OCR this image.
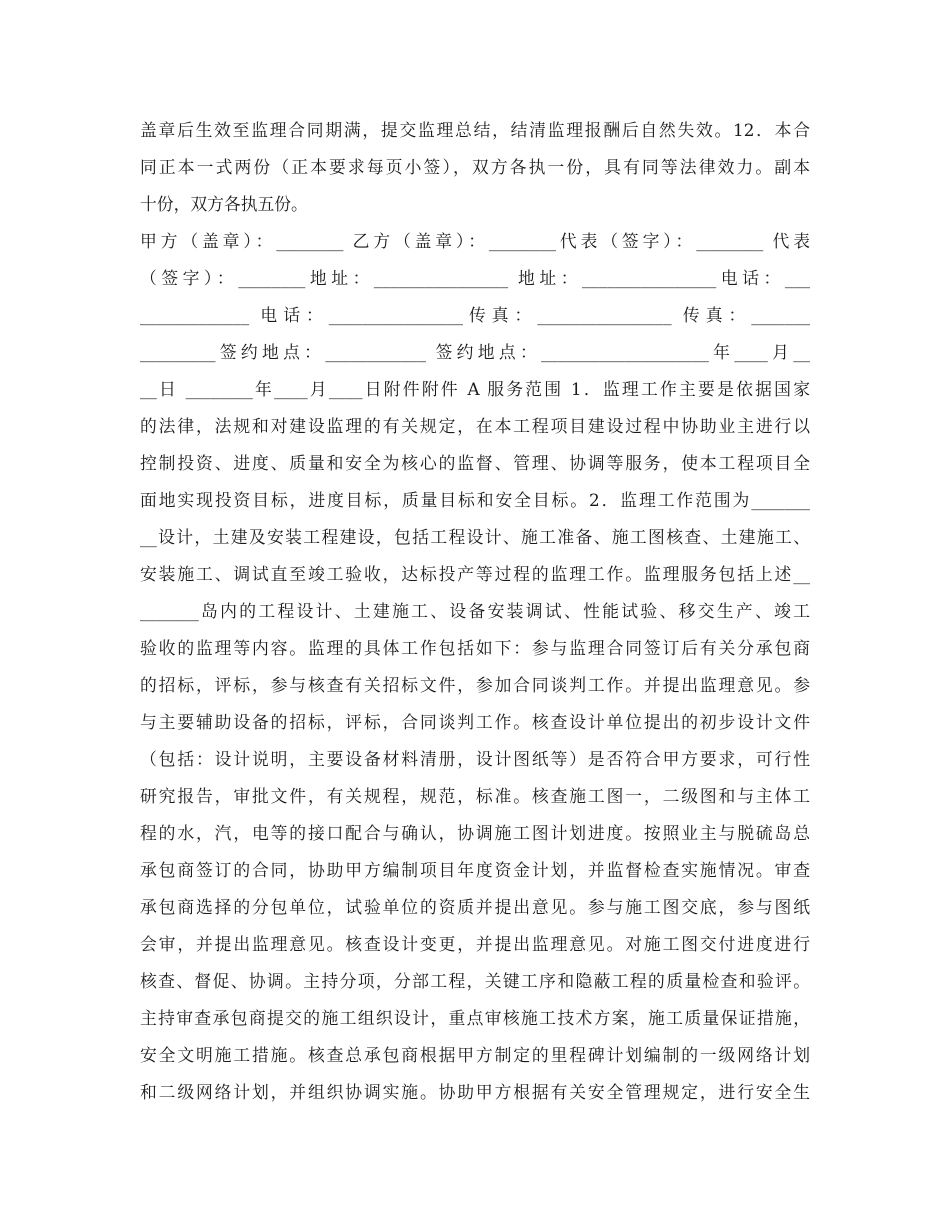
盖章后生效至监理合同期满，提交监理总结，结清监理报酬后自然失效。12．本合
同正本一式两份（正本要求每页小签），双方各执一份，具有同等法律效力。副本
十份，双方各执五份。
甲方（盖章）：________ 乙方（盖章）：________代表（签字）：________ 代表
（签字）：________地址：________________ 地址：________________电话：___
_____________ 电话：________________传真：________________ 传真：_______
_________签约地点：____________ 签约地点：____________________年____月__
__日 ________年____月____日附件附件 A 服务范围 1．监理工作主要是依据国家
的法律，法规和对建设监理的有关规定，在本工程项目建设过程中协助业主进行以
控制投资、进度、质量和安全为核心的监督、管理、协调等服务，使本工程项目全
面地实现投资目标，进度目标，质量目标和安全目标。2．监理工作范围为_______
__设计，土建及安装工程建设，包括工程设计、施工准备、施工图核查、土建施工、
安装施工、调试直至竣工验收，达标投产等过程的监理工作。监理服务包括上述__
_______岛内的工程设计、土建施工、设备安装调试、性能试验、移交生产、竣工
验收的监理等内容。监理的具体工作包括如下：参与监理合同签订后有关分承包商
的招标，评标，参与核查有关招标文件，参加合同谈判工作。并提出监理意见。参
与主要辅助设备的招标，评标，合同谈判工作。核查设计单位提出的初步设计文件
（包括：设计说明，主要设备材料清册，设计图纸等）是否符合甲方要求，可行性
研究报告，审批文件，有关规程，规范，标准。核查施工图一，二级图和与主体工
程的水，汽，电等的接口配合与确认，协调施工图计划进度。按照业主与脱硫岛总
承包商签订的合同，协助甲方编制项目年度资金计划，并监督检查实施情况。审查
承包商选择的分包单位，试验单位的资质并提出意见。参与施工图交底，参与图纸
会审，并提出监理意见。核查设计变更，并提出监理意见。对施工图交付进度进行
核查、督促、协调。主持分项，分部工程，关键工序和隐蔽工程的质量检查和验评。
主持审查承包商提交的施工组织设计，重点审核施工技术方案，施工质量保证措施，
安全文明施工措施。核查总承包商根据甲方制定的里程碑计划编制的一级网络计划
和二级网络计划，并组织协调实施。协助甲方根据有关安全管理规定，进行安全生
